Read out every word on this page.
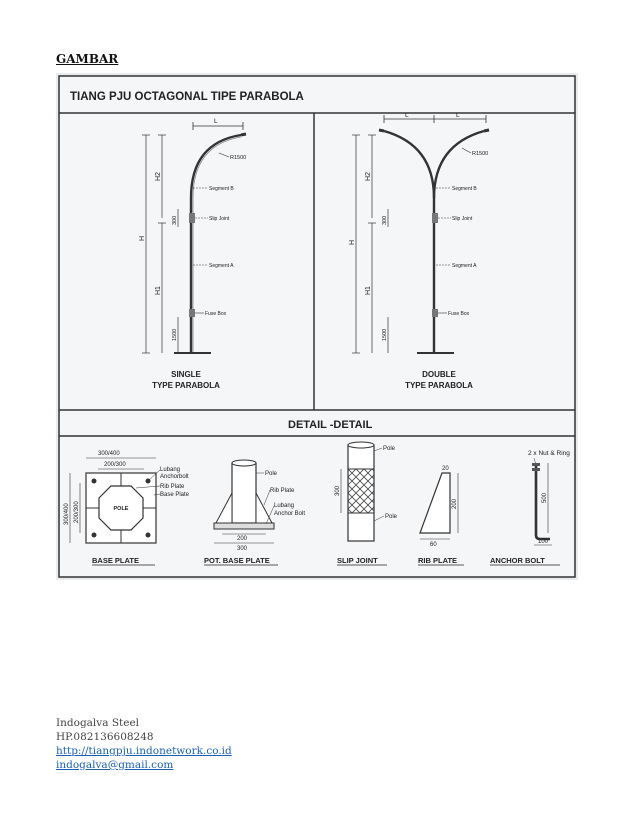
GAMBAR
TIANG PJU OCTAGONAL TIPE PARABOLA
DETAIL -DETAIL
L
R1500
Segment B
Slip Joint
Segment A
Fuse Box
H
H2
H1
300
1500
SINGLE
TYPE PARABOLA
L	L
R1500
Segment B
Slip Joint
Segment A
Fuse Box
H
H2
H1
300
1500
DOUBLE
TYPE PARABOLA
300/400
200/300
POLE
300/400 200/300
Lubang
Anchorbolt
Rib Plate
Base Plate
BASE PLATE
Pole
Rib Plate
Lubang
Anchor Bolt
200
300
POT. BASE PLATE
300
Pole
Pole
SLIP JOINT
20
200
60
RIB PLATE
2 x Nut & Ring
500
100
ANCHOR BOLT
Indogalva Steel
HP.082136608248
http://tiangpju.indonetwork.co.id
indogalva@gmail.com
